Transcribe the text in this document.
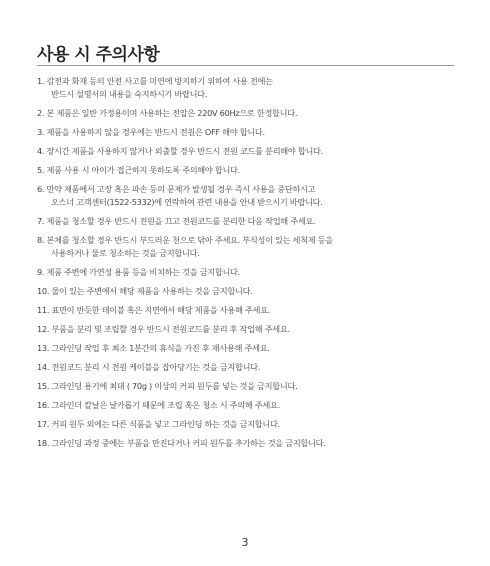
사용 시 주의사항
1. 감전과 화재 등의 안전 사고를 미연에 방지하기 위하여 사용 전에는
반드시 설명서의 내용을 숙지하시기 바랍니다.
2. 본 제품은 일반 가정용이며 사용하는 전압은 220V 60Hz으로 한정합니다.
3. 제품을 사용하지 않을 경우에는 반드시 전원은 OFF 해야 합니다.
4. 장시간 제품을 사용하지 않거나 외출할 경우 반드시 전원 코드를 분리해야 합니다.
5. 제품 사용 시 아이가 접근하지 못하도록 주의해야 합니다.
6. 만약 제품에서 고장 혹은 파손 등의 문제가 발생될 경우 즉시 사용을 중단하시고
오스너 고객센터(1522-5332)에 연락하여 관련 내용을 안내 받으시기 바랍니다.
7. 제품을 청소할 경우 반드시 전원을 끄고 전원코드를 분리한 다음 작업해 주세요.
8. 본체를 청소할 경우 반드시 부드러운 천으로 닦아 주세요. 부식성이 있는 세척제 등을
사용하거나 물로 청소하는 것을 금지합니다.
9. 제품 주변에 가연성 용품 등을 비치하는 것을 금지합니다.
10. 물이 있는 주변에서 해당 제품을 사용하는 것을 금지합니다.
11. 표면이 반듯한 테이블 혹은 지면에서 해당 제품을 사용해 주세요.
12. 부품을 분리 및 조립할 경우 반드시 전원코드를 분리 후 작업해 주세요.
13. 그라인딩 작업 후 최소 1분간의 휴식을 가진 후 재사용해 주세요.
14. 전원코드 분리 시 전원 케이블을 잡아당기는 것을 금지합니다.
15. 그라인딩 용기에 최대 ( 70g ) 이상의 커피 원두를 넣는 것을 금지합니다.
16. 그라인더 칼날은 날카롭기 때문에 조립 혹은 청소 시 주의해 주세요.
17. 커피 원두 외에는 다른 식품을 넣고 그라인딩 하는 것을 금지합니다.
18. 그라인딩 과정 중에는 부품을 만진다거나 커피 원두를 추가하는 것을 금지합니다.
3
